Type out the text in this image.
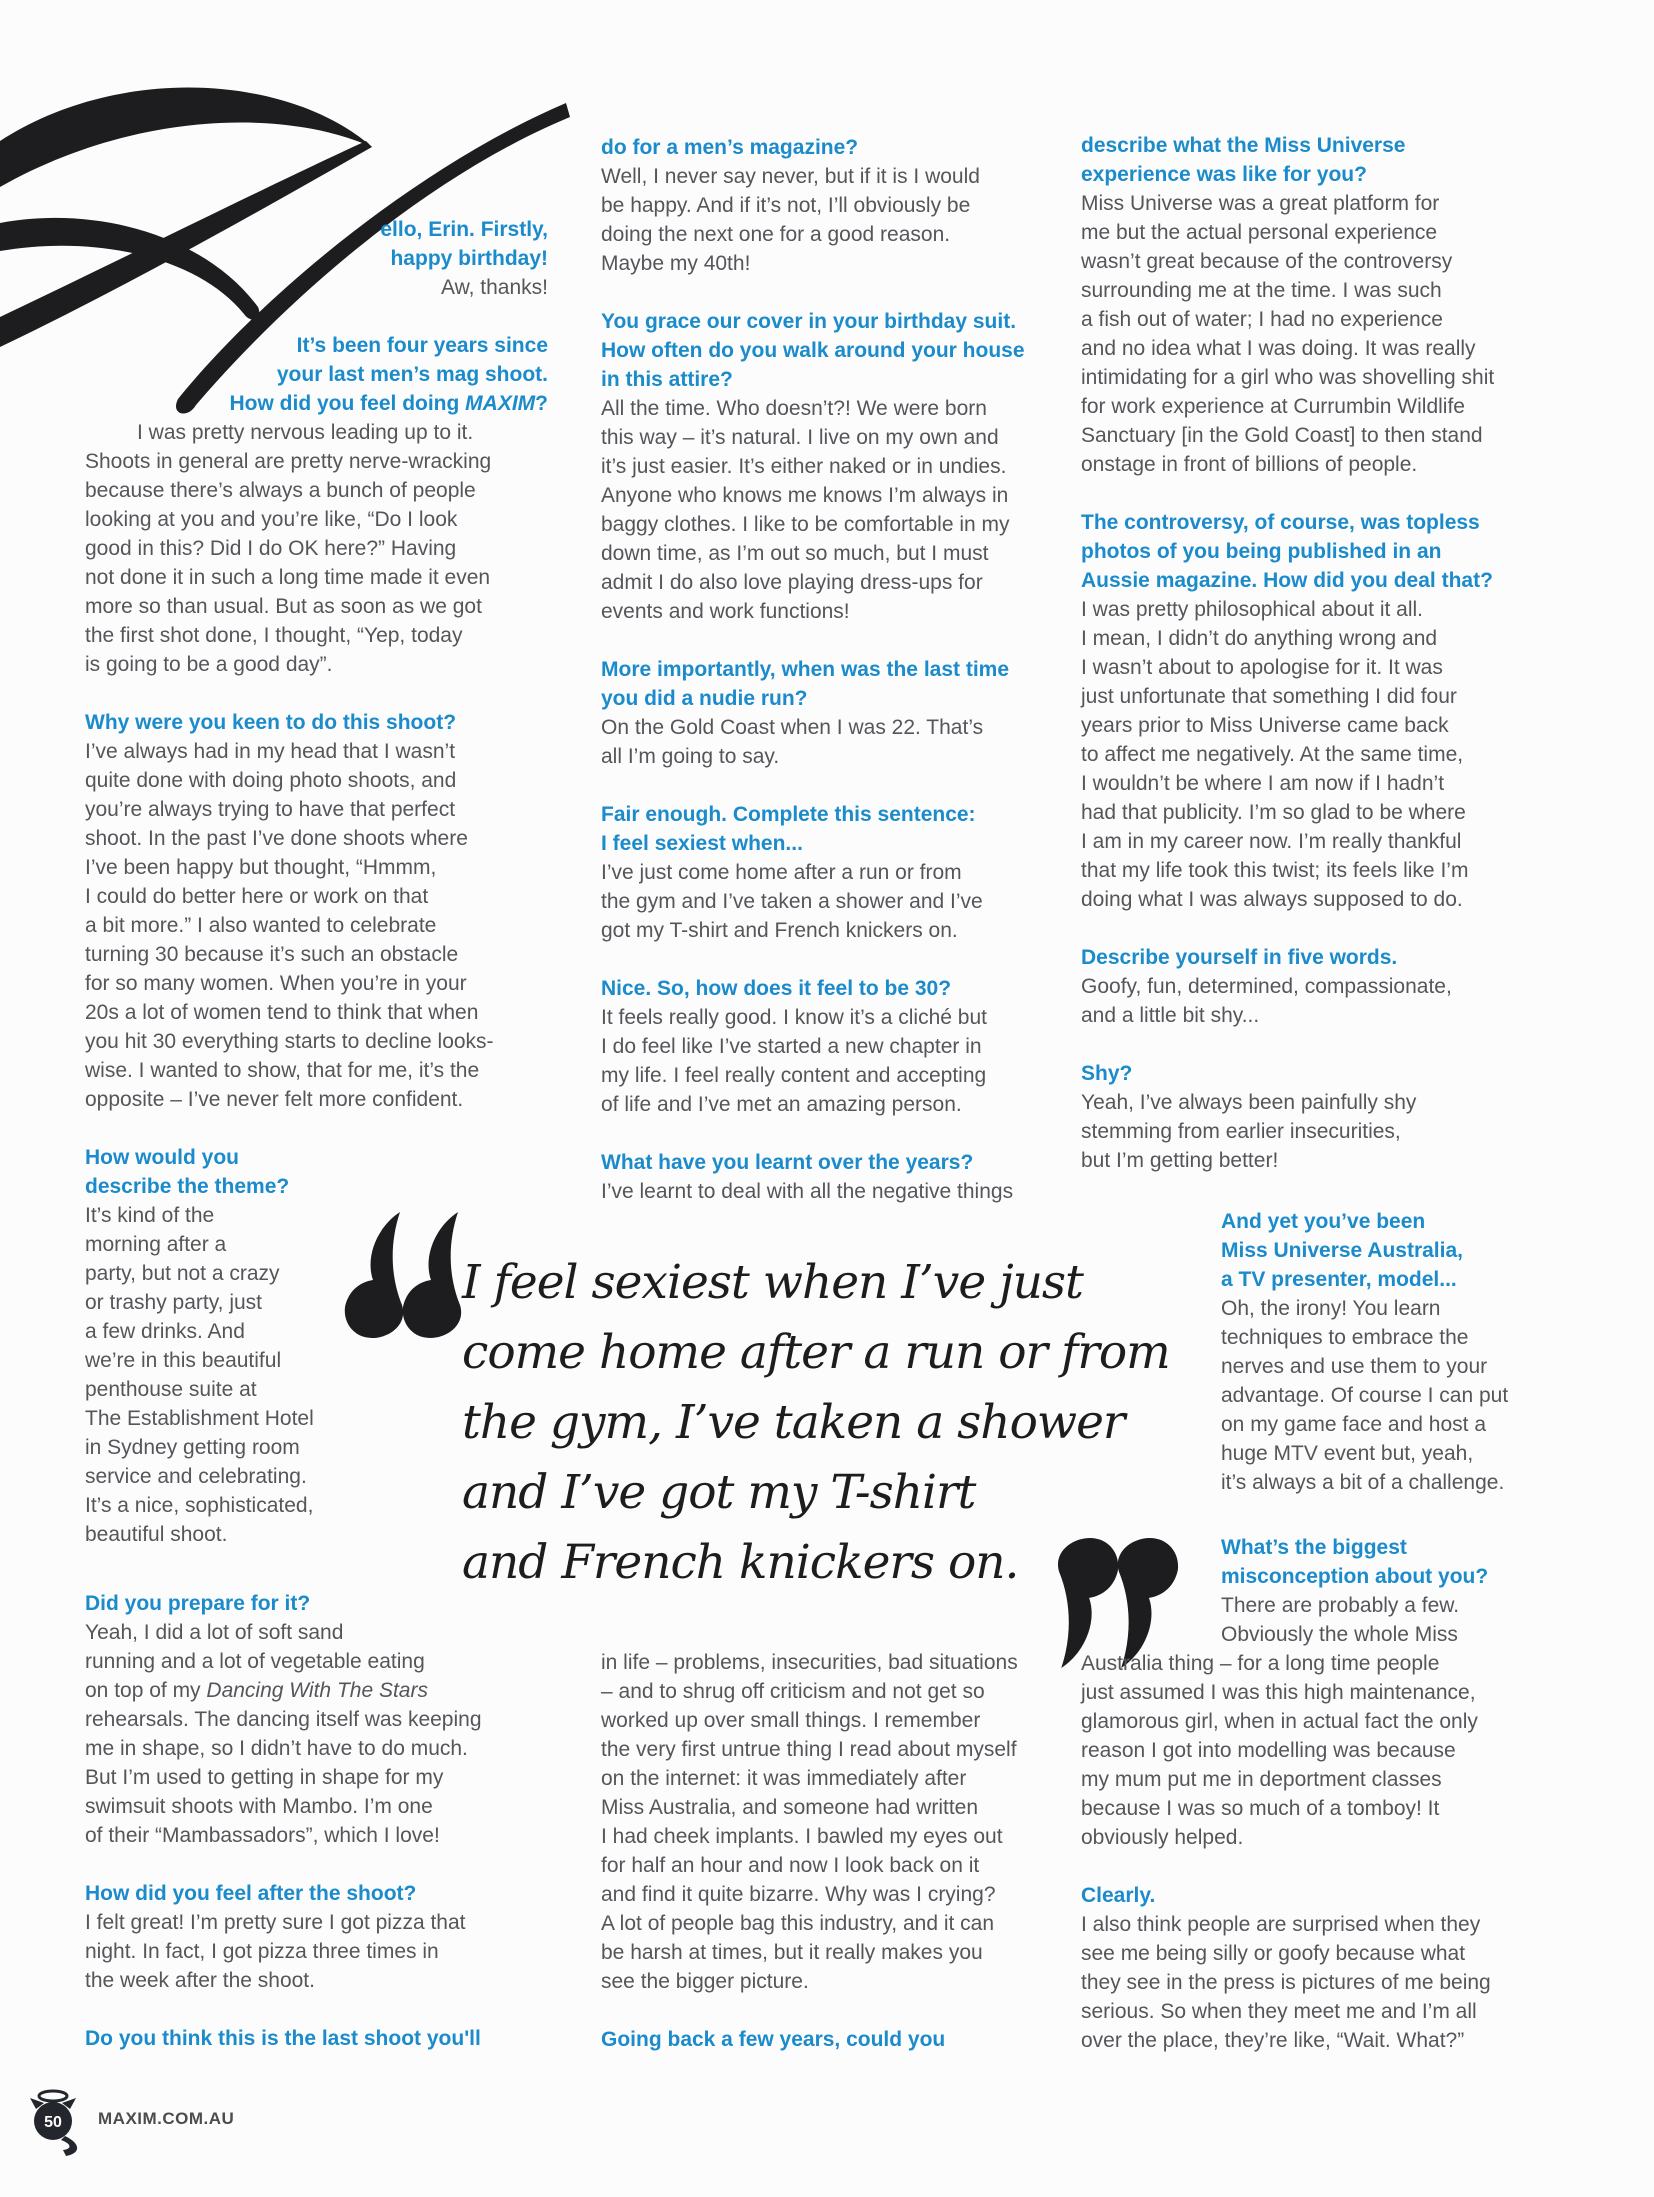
ello, Erin. Firstly,
happy birthday!
Aw, thanks!
It’s been four years since
your last men’s mag shoot.
How did you feel doing MAXIM?
I was pretty nervous leading up to it.
Shoots in general are pretty nerve-wracking
because there’s always a bunch of people
looking at you and you’re like, “Do I look
good in this? Did I do OK here?” Having
not done it in such a long time made it even
more so than usual. But as soon as we got
the first shot done, I thought, “Yep, today
is going to be a good day”.
Why were you keen to do this shoot?
I’ve always had in my head that I wasn’t
quite done with doing photo shoots, and
you’re always trying to have that perfect
shoot. In the past I’ve done shoots where
I’ve been happy but thought, “Hmmm,
I could do better here or work on that
a bit more.” I also wanted to celebrate
turning 30 because it’s such an obstacle
for so many women. When you’re in your
20s a lot of women tend to think that when
you hit 30 everything starts to decline looks-
wise. I wanted to show, that for me, it’s the
opposite – I’ve never felt more confident.
How would you
describe the theme?
It’s kind of the
morning after a
party, but not a crazy
or trashy party, just
a few drinks. And
we’re in this beautiful
penthouse suite at
The Establishment Hotel
in Sydney getting room
service and celebrating.
It’s a nice, sophisticated,
beautiful shoot.
Did you prepare for it?
Yeah, I did a lot of soft sand
running and a lot of vegetable eating
on top of my Dancing With The Stars
rehearsals. The dancing itself was keeping
me in shape, so I didn’t have to do much.
But I’m used to getting in shape for my
swimsuit shoots with Mambo. I’m one
of their “Mambassadors”, which I love!
How did you feel after the shoot?
I felt great! I’m pretty sure I got pizza that
night. In fact, I got pizza three times in
the week after the shoot.
Do you think this is the last shoot you'll
do for a men’s magazine?
Well, I never say never, but if it is I would
be happy. And if it’s not, I’ll obviously be
doing the next one for a good reason.
Maybe my 40th!
You grace our cover in your birthday suit.
How often do you walk around your house
in this attire?
All the time. Who doesn’t?! We were born
this way – it’s natural. I live on my own and
it’s just easier. It’s either naked or in undies.
Anyone who knows me knows I’m always in
baggy clothes. I like to be comfortable in my
down time, as I’m out so much, but I must
admit I do also love playing dress-ups for
events and work functions!
More importantly, when was the last time
you did a nudie run?
On the Gold Coast when I was 22. That’s
all I’m going to say.
Fair enough. Complete this sentence:
I feel sexiest when...
I’ve just come home after a run or from
the gym and I’ve taken a shower and I’ve
got my T-shirt and French knickers on.
Nice. So, how does it feel to be 30?
It feels really good. I know it’s a cliché but
I do feel like I’ve started a new chapter in
my life. I feel really content and accepting
of life and I’ve met an amazing person.
What have you learnt over the years?
I’ve learnt to deal with all the negative things
in life – problems, insecurities, bad situations
– and to shrug off criticism and not get so
worked up over small things. I remember
the very first untrue thing I read about myself
on the internet: it was immediately after
Miss Australia, and someone had written
I had cheek implants. I bawled my eyes out
for half an hour and now I look back on it
and find it quite bizarre. Why was I crying?
A lot of people bag this industry, and it can
be harsh at times, but it really makes you
see the bigger picture.
Going back a few years, could you
describe what the Miss Universe
experience was like for you?
Miss Universe was a great platform for
me but the actual personal experience
wasn’t great because of the controversy
surrounding me at the time. I was such
a fish out of water; I had no experience
and no idea what I was doing. It was really
intimidating for a girl who was shovelling shit
for work experience at Currumbin Wildlife
Sanctuary [in the Gold Coast] to then stand
onstage in front of billions of people.
The controversy, of course, was topless
photos of you being published in an
Aussie magazine. How did you deal that?
I was pretty philosophical about it all.
I mean, I didn’t do anything wrong and
I wasn’t about to apologise for it. It was
just unfortunate that something I did four
years prior to Miss Universe came back
to affect me negatively. At the same time,
I wouldn’t be where I am now if I hadn’t
had that publicity. I’m so glad to be where
I am in my career now. I’m really thankful
that my life took this twist; its feels like I’m
doing what I was always supposed to do.
Describe yourself in five words.
Goofy, fun, determined, compassionate,
and a little bit shy...
Shy?
Yeah, I’ve always been painfully shy
stemming from earlier insecurities,
but I’m getting better!
And yet you’ve been
Miss Universe Australia,
a TV presenter, model...
Oh, the irony! You learn
techniques to embrace the
nerves and use them to your
advantage. Of course I can put
on my game face and host a
huge MTV event but, yeah,
it’s always a bit of a challenge.
What’s the biggest
misconception about you?
There are probably a few.
Obviously the whole Miss
Australia thing – for a long time people
just assumed I was this high maintenance,
glamorous girl, when in actual fact the only
reason I got into modelling was because
my mum put me in deportment classes
because I was so much of a tomboy! It
obviously helped.
Clearly.
I also think people are surprised when they
see me being silly or goofy because what
they see in the press is pictures of me being
serious. So when they meet me and I’m all
over the place, they’re like, “Wait. What?”
I feel sexiest when I’ve just
come home after a run or from
the gym, I’ve taken a shower
and I’ve got my T-shirt
and French knickers on.
50 MAXIM.COM.AU
